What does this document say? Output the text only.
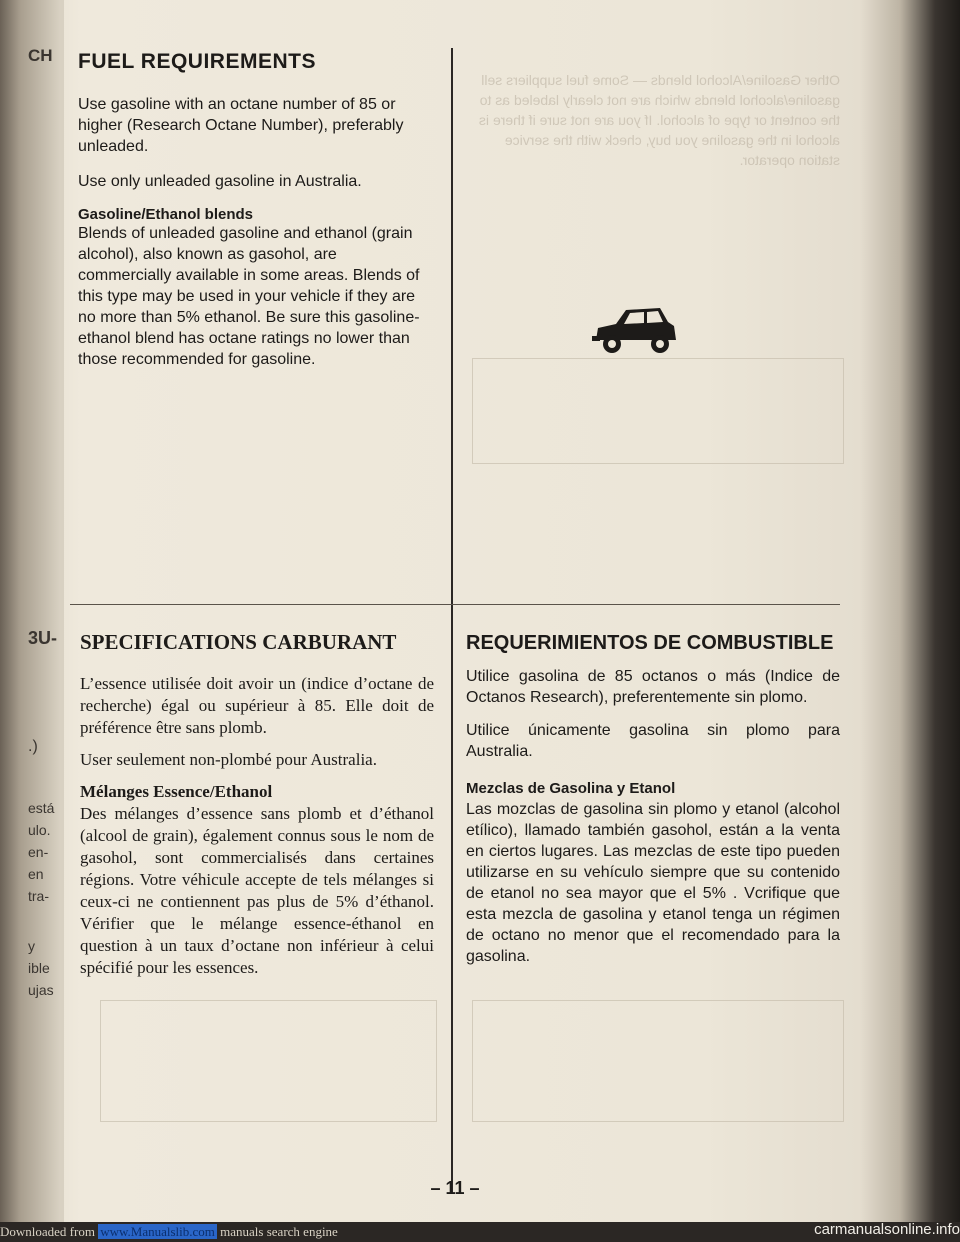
CH
3U-
.)
está
ulo.
en-
en
tra-
y
ible
ujas
Other Gasoline/Alcohol blends — Some fuel suppliers sell gasoline/alcohol blends which are not clearly labeled as to the content or type of alcohol. If you are not sure if there is alcohol in the gasoline you buy, check with the service station operator.
FUEL REQUIREMENTS

Use gasoline with an octane number of 85 or higher (Research Octane Number), preferably unleaded.

Use only unleaded gasoline in Australia.

Gasoline/Ethanol blends

Blends of unleaded gasoline and ethanol (grain alcohol), also known as gasohol, are commercially available in some areas. Blends of this type may be used in your vehicle if they are no more than 5% ethanol. Be sure this gasoline-ethanol blend has octane ratings no lower than those recommended for gasoline.

SPECIFICATIONS CARBURANT

L’essence utilisée doit avoir un (indice d’octane de recherche) égal ou supérieur à 85. Elle doit de préférence être sans plomb.

User seulement non-plombé pour Australia.

Mélanges Essence/Ethanol

Des mélanges d’essence sans plomb et d’éthanol (alcool de grain), également connus sous le nom de gasohol, sont commercialisés dans certaines régions. Votre véhicule accepte de tels mélanges si ceux-ci ne contiennent pas plus de 5% d’éthanol. Vérifier que le mélange essence-éthanol en question à un taux d’octane non inférieur à celui spécifié pour les essences.

REQUERIMIENTOS DE COMBUSTIBLE

Utilice gasolina de 85 octanos o más (Indice de Octanos Research), preferentemente sin plomo.

Utilice únicamente gasolina sin plomo para Australia.

Mezclas de Gasolina y Etanol

Las mozclas de gasolina sin plomo y etanol (alcohol etílico), llamado también gasohol, están a la venta en ciertos lugares. Las mezclas de este tipo pueden utilizarse en su vehículo siempre que su contenido de etanol no sea mayor que el 5% . Vcrifique que esta mezcla de gasolina y etanol tenga un régimen de octano no menor que el recomendado para la gasolina.

– 11 –
Downloaded from www.Manualslib.com manuals search engine	carmanualsonline.info
